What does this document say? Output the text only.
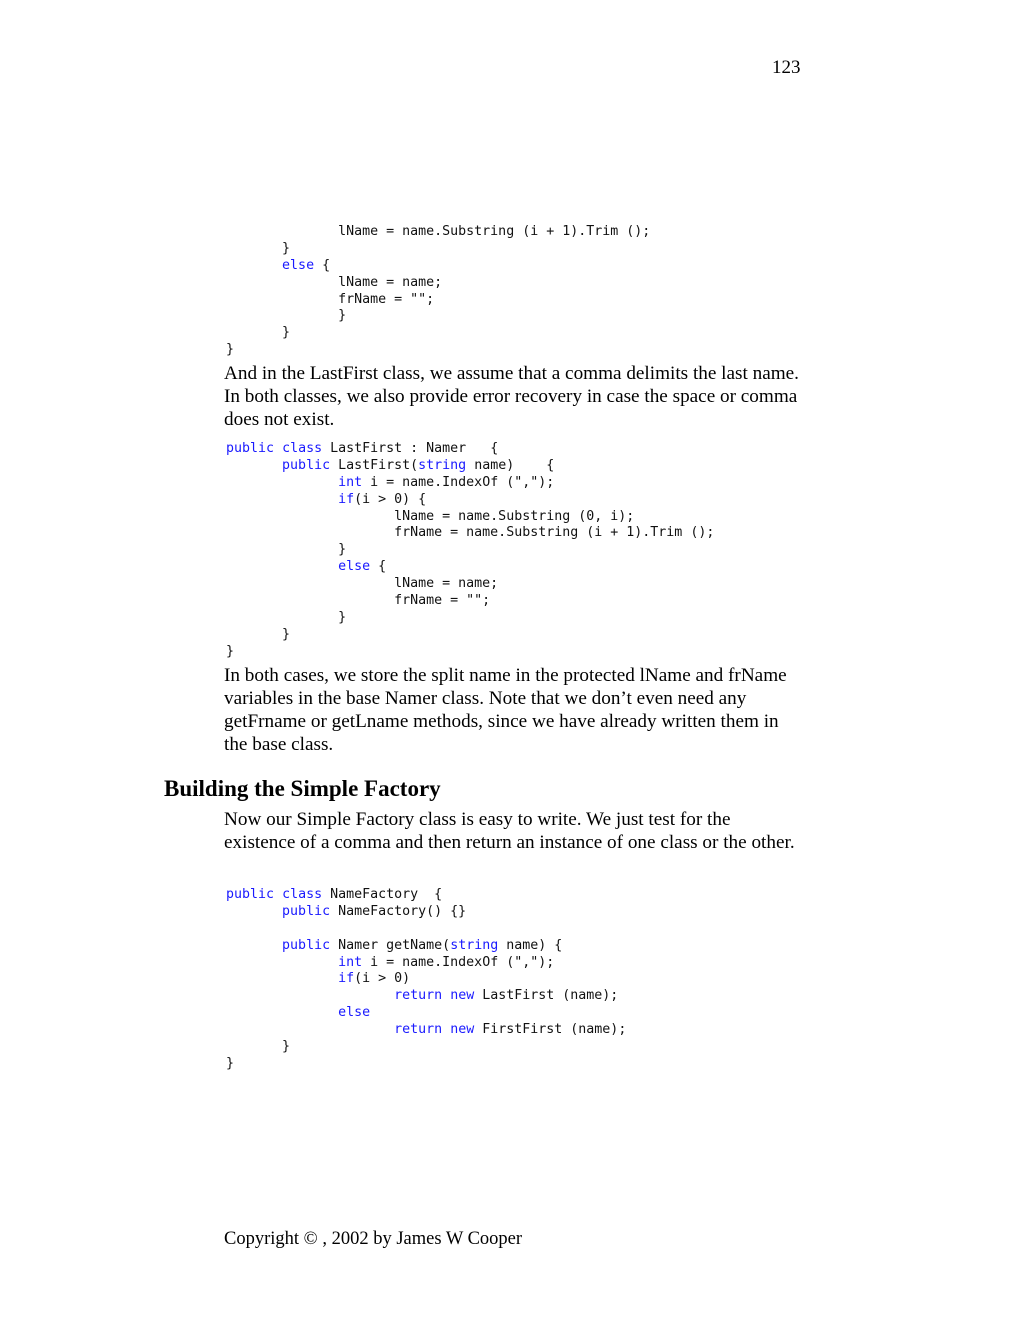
123
lName = name.Substring (i + 1).Trim ();
}
else {
lName = name;
frName = "";
}
}
}

And in the LastFirst class, we assume that a comma delimits the last name. In both classes, we also provide error recovery in case the space or comma does not exist.

public class LastFirst : Namer   {
public LastFirst(string name)    {
int i = name.IndexOf (",");
if(i > 0) {
lName = name.Substring (0, i);
frName = name.Substring (i + 1).Trim ();
}
else {
lName = name;
frName = "";
}
}
}

In both cases, we store the split name in the protected lName and frName variables in the base Namer class. Note that we don’t even need any getFrname or getLname methods, since we have already written them in the base class.

Building the Simple Factory

Now our Simple Factory class is easy to write. We just test for the existence of a comma and then return an instance of one class or the other.

public class NameFactory  {
public NameFactory() {}

public Namer getName(string name) {
int i = name.IndexOf (",");
if(i > 0)
return new LastFirst (name);
else
return new FirstFirst (name);
}
}
Copyright © , 2002 by James W Cooper
